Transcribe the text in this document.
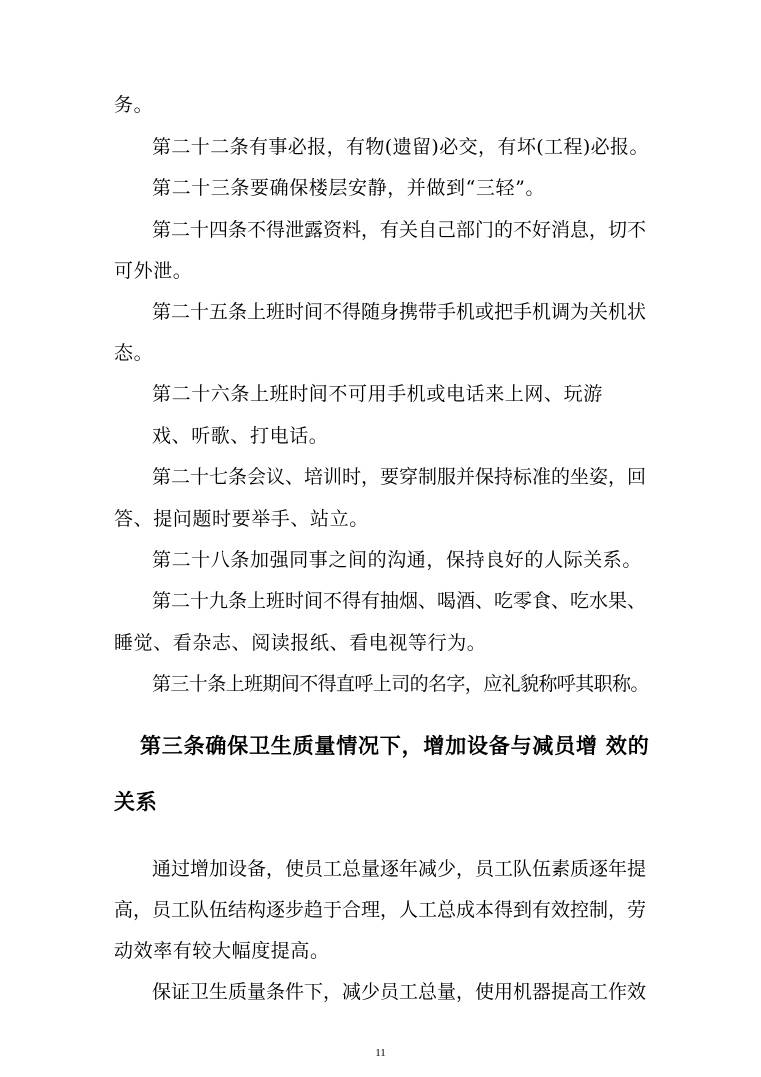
务。
第二十二条有事必报，有物(遗留)必交，有坏(工程)必报。
第二十三条要确保楼层安静，并做到“三轻”。
第二十四条不得泄露资料，有关自己部门的不好消息，切不
可外泄。
第二十五条上班时间不得随身携带手机或把手机调为关机状
态。
第二十六条上班时间不可用手机或电话来上网、玩游
戏、听歌、打电话。
第二十七条会议、培训时，要穿制服并保持标准的坐姿，回
答、提问题时要举手、站立。
第二十八条加强同事之间的沟通，保持良好的人际关系。
第二十九条上班时间不得有抽烟、喝酒、吃零食、吃水果、
睡觉、看杂志、阅读报纸、看电视等行为。
第三十条上班期间不得直呼上司的名字，应礼貌称呼其职称。
第三条确保卫生质量情况下，增加设备与减员增 效的
关系
通过增加设备，使员工总量逐年减少，员工队伍素质逐年提
高，员工队伍结构逐步趋于合理，人工总成本得到有效控制，劳
动效率有较大幅度提高。
保证卫生质量条件下，减少员工总量，使用机器提高工作效
11
